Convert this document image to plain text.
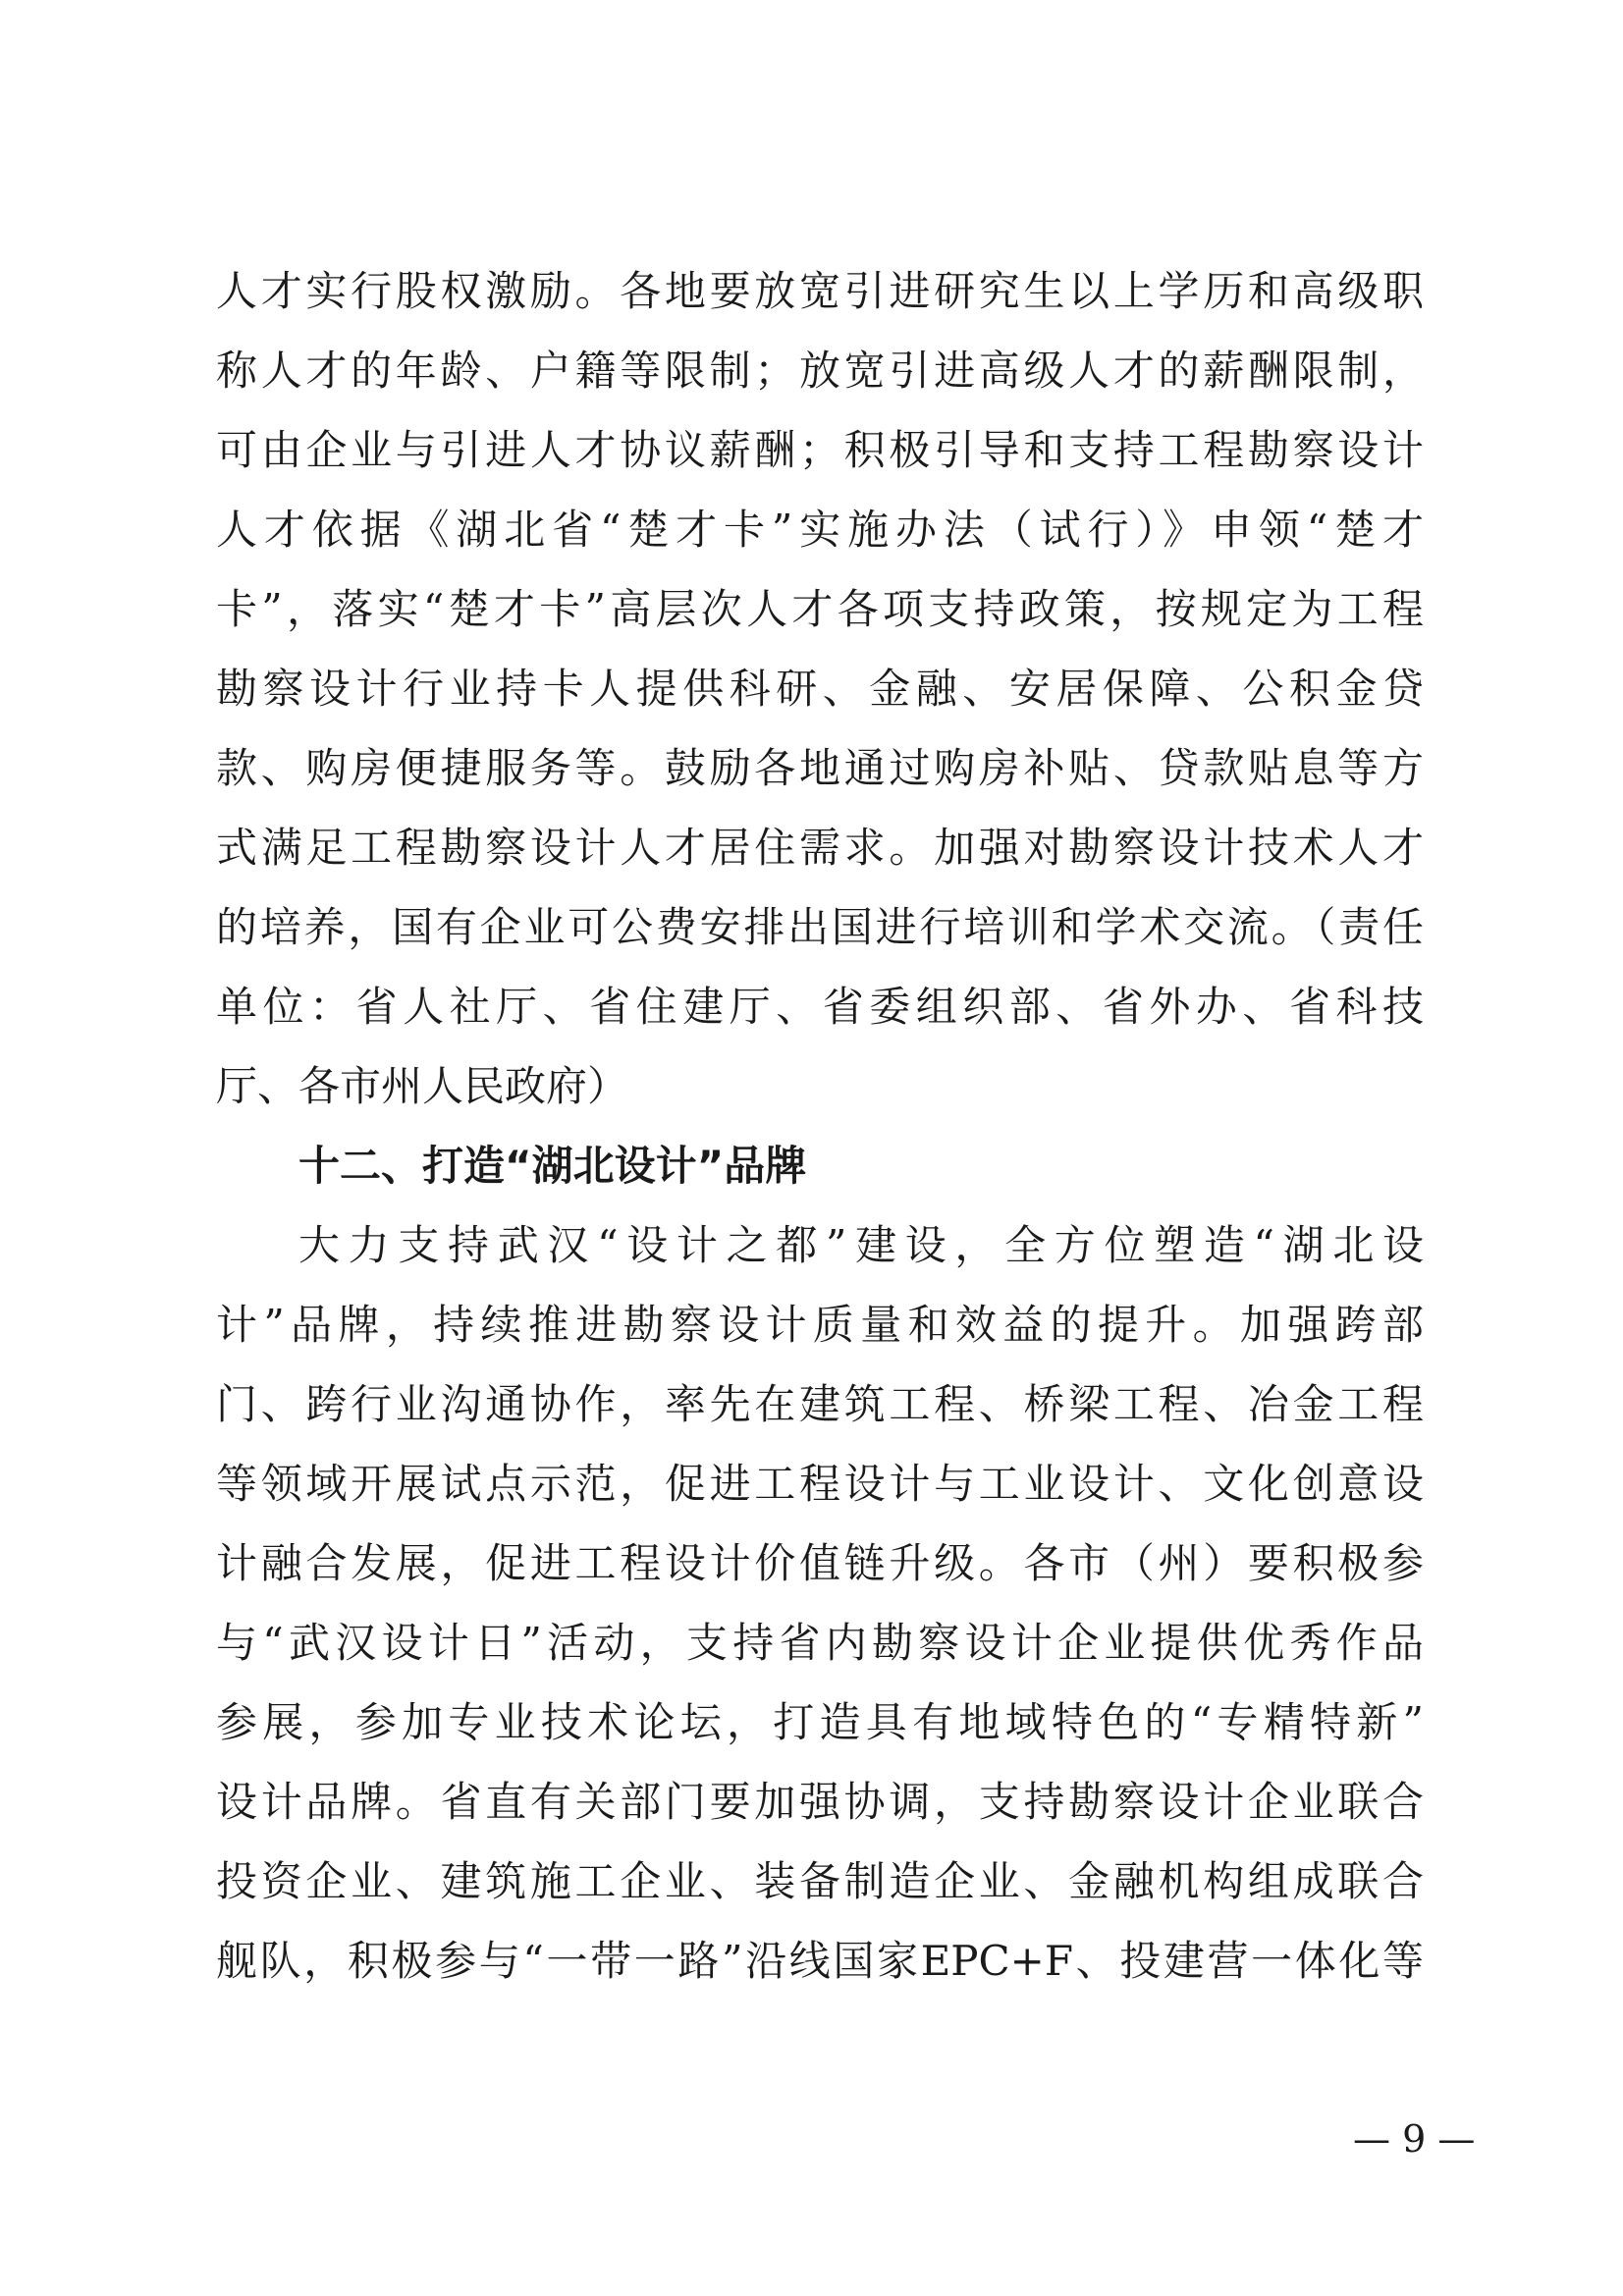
人才实行股权激励。各地要放宽引进研究生以上学历和高级职
称人才的年龄、户籍等限制；放宽引进高级人才的薪酬限制，
可由企业与引进人才协议薪酬；积极引导和支持工程勘察设计
人才依据《湖北省“楚才卡”实施办法（试行）》申领“楚才
卡”，落实“楚才卡”高层次人才各项支持政策，按规定为工程
勘察设计行业持卡人提供科研、金融、安居保障、公积金贷
款、购房便捷服务等。鼓励各地通过购房补贴、贷款贴息等方
式满足工程勘察设计人才居住需求。加强对勘察设计技术人才
的培养，国有企业可公费安排出国进行培训和学术交流。（责任
单位：省人社厅、省住建厅、省委组织部、省外办、省科技
厅、各市州人民政府）
十二、打造“湖北设计”品牌
大力支持武汉“设计之都”建设，全方位塑造“湖北设
计”品牌，持续推进勘察设计质量和效益的提升。加强跨部
门、跨行业沟通协作，率先在建筑工程、桥梁工程、冶金工程
等领域开展试点示范，促进工程设计与工业设计、文化创意设
计融合发展，促进工程设计价值链升级。各市（州）要积极参
与“武汉设计日”活动，支持省内勘察设计企业提供优秀作品
参展，参加专业技术论坛，打造具有地域特色的“专精特新”
设计品牌。省直有关部门要加强协调，支持勘察设计企业联合
投资企业、建筑施工企业、装备制造企业、金融机构组成联合
舰队，积极参与“一带一路”沿线国家EPC+F、投建营一体化等
— 9 —
